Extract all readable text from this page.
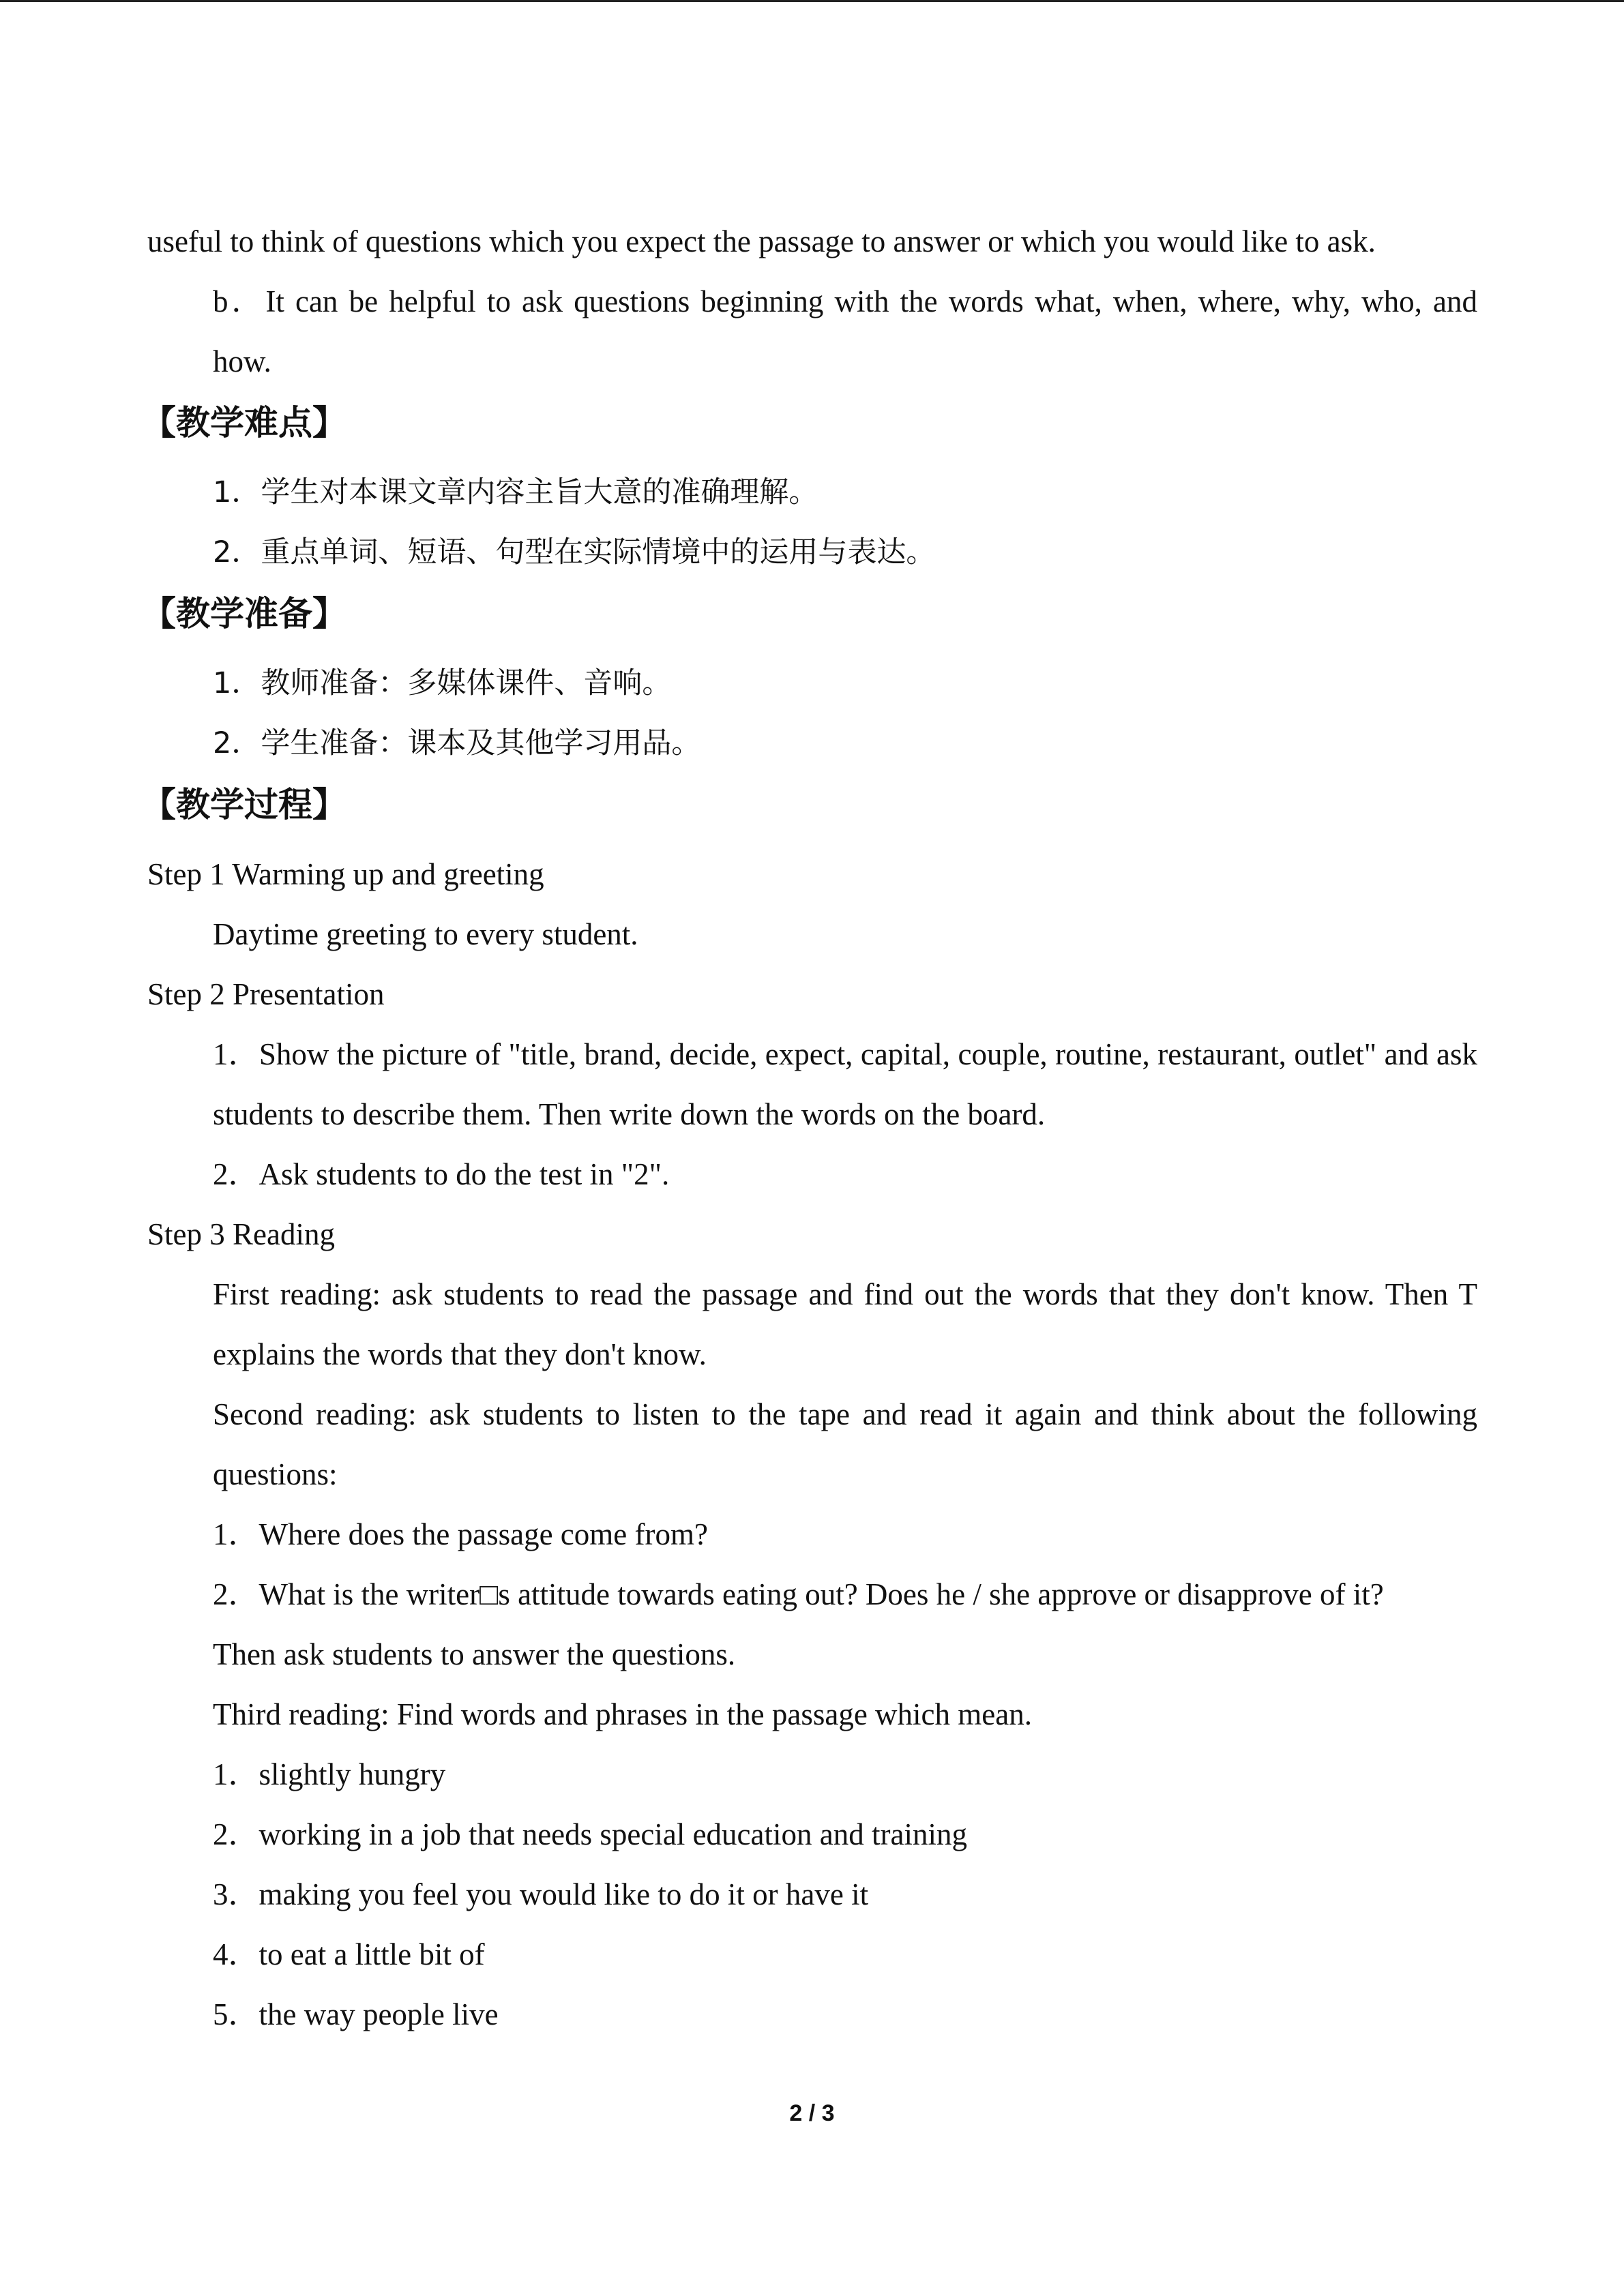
useful to think of questions which you expect the passage to answer or which you would like to ask.

b．It can be helpful to ask questions beginning with the words what, when, where, why, who, and how.

【教学难点】

1．学生对本课文章内容主旨大意的准确理解。

2．重点单词、短语、句型在实际情境中的运用与表达。

【教学准备】

1．教师准备：多媒体课件、音响。

2．学生准备：课本及其他学习用品。

【教学过程】

Step 1 Warming up and greeting

Daytime greeting to every student.

Step 2 Presentation

1．Show the picture of "title, brand, decide, expect, capital, couple, routine, restaurant, outlet" and ask students to describe them. Then write down the words on the board.

2．Ask students to do the test in "2".

Step 3 Reading

First reading: ask students to read the passage and find out the words that they don't know. Then T explains the words that they don't know.

Second reading: ask students to listen to the tape and read it again and think about the following questions:

1．Where does the passage come from?

2．What is the writer□s attitude towards eating out? Does he / she approve or disapprove of it?

Then ask students to answer the questions.

Third reading: Find words and phrases in the passage which mean.

1．slightly hungry

2．working in a job that needs special education and training

3．making you feel you would like to do it or have it

4．to eat a little bit of

5．the way people live

2 / 3
